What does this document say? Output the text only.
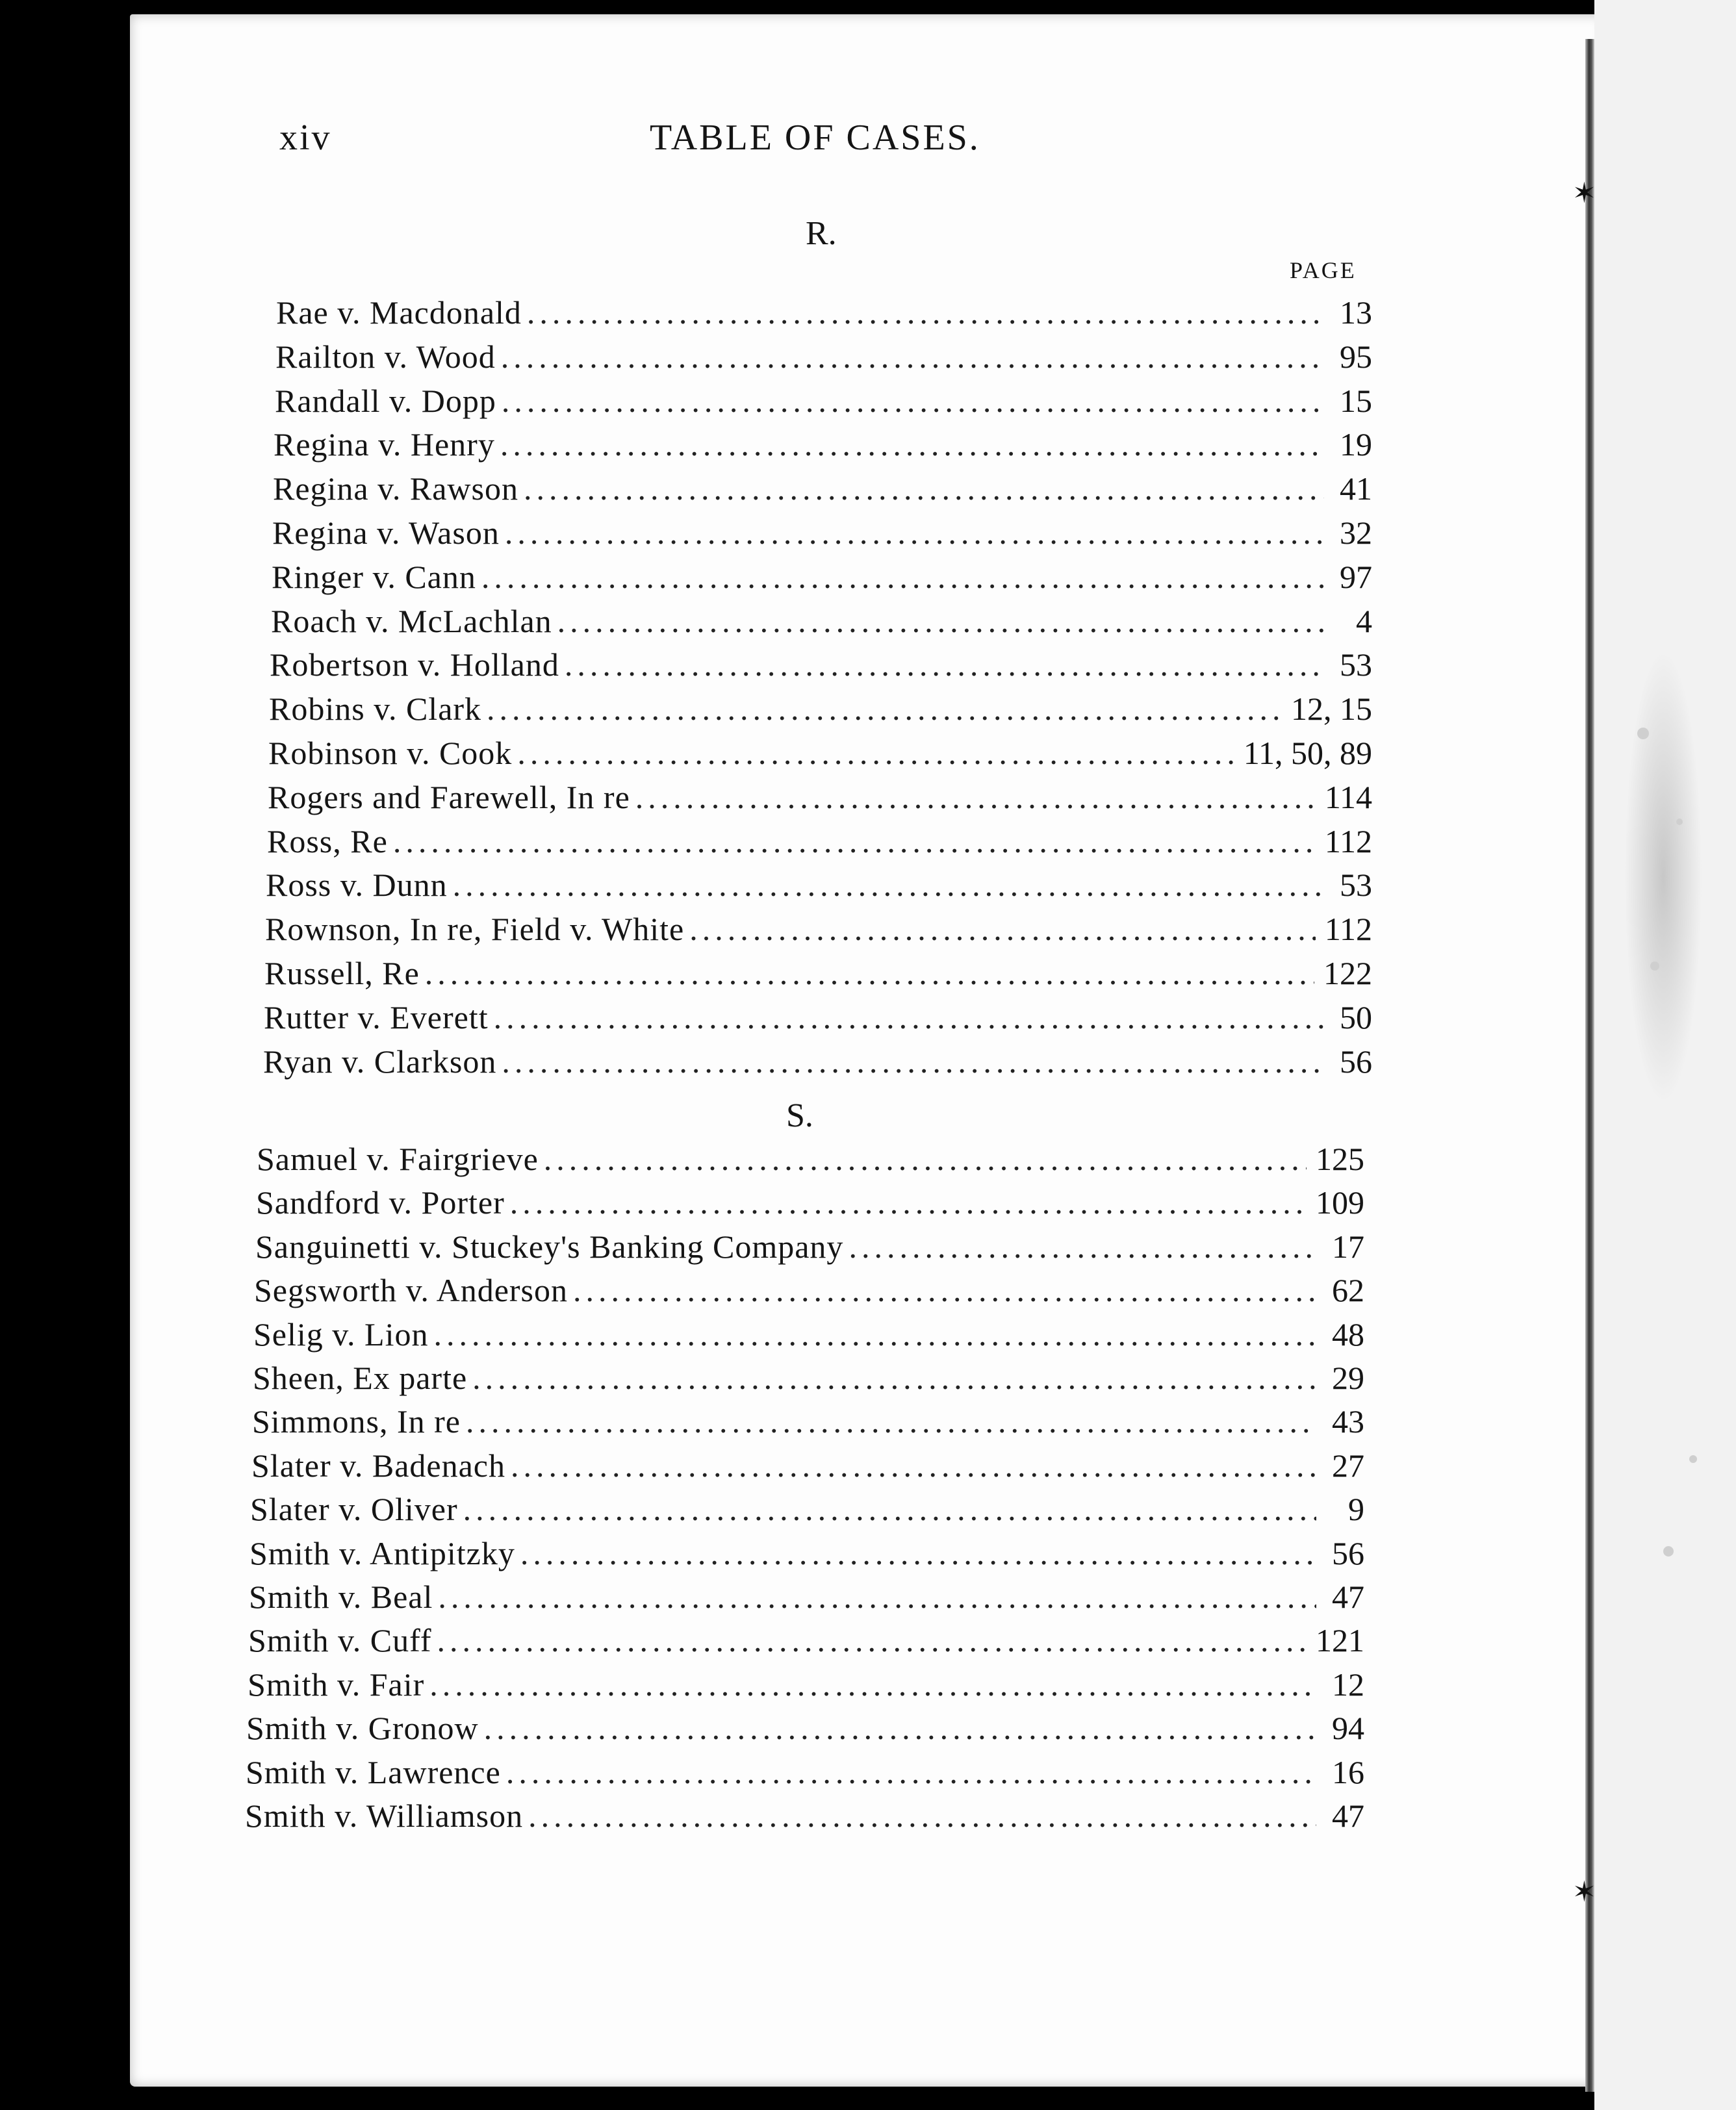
✶
✶
xiv	TABLE OF CASES.
R.
PAGE
S.
Rae v. Macdonald .....	13
Railton v. Wood .....	95
Randall v. Dopp .....	15
Regina v. Henry .....	19
Regina v. Rawson .....	41
Regina v. Wason .....	32
Ringer v. Cann .....	97
Roach v. McLachlan .....	4
Robertson v. Holland .....	53
Robins v. Clark .....	12, 15
Robinson v. Cook .....	11, 50, 89
Rogers and Farewell, In re .....	114
Ross, Re .....	112
Ross v. Dunn .....	53
Rownson, In re, Field v. White .....	112
Russell, Re .....	122
Rutter v. Everett .....	50
Ryan v. Clarkson .....	56
Samuel v. Fairgrieve .....	125
Sandford v. Porter .....	109
Sanguinetti v. Stuckey's Banking Company .....	17
Segsworth v. Anderson .....	62
Selig v. Lion .....	48
Sheen, Ex parte .....	29
Simmons, In re .....	43
Slater v. Badenach .....	27
Slater v. Oliver .....	9
Smith v. Antipitzky .....	56
Smith v. Beal .....	47
Smith v. Cuff .....	121
Smith v. Fair .....	12
Smith v. Gronow .....	94
Smith v. Lawrence .....	16
Smith v. Williamson .....	47
